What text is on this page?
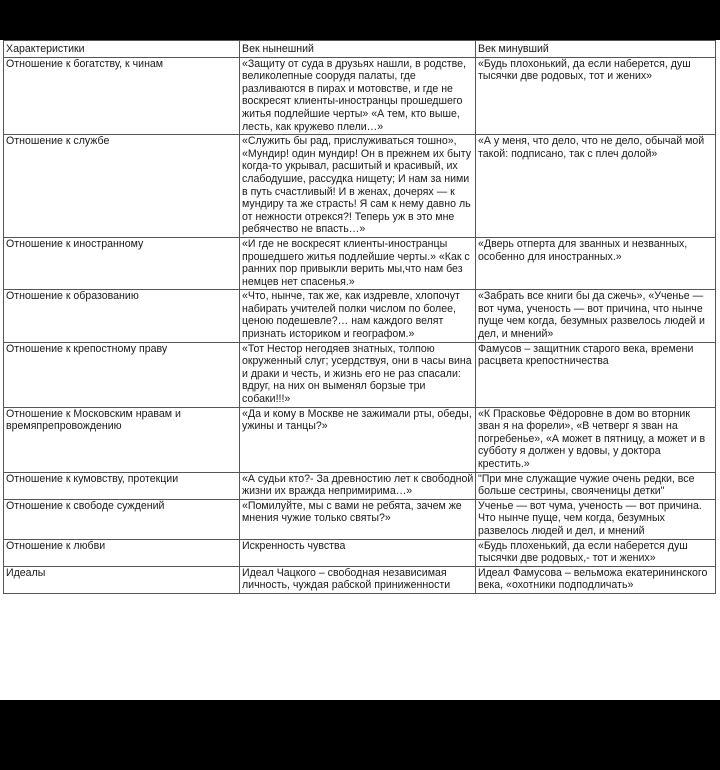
Характеристики	Век нынешний	Век минувший
Отношение к богатству, к чинам	«Защиту от суда в друзьях нашли, в родстве, великолепные соорудя палаты, где разливаются в пирах и мотовстве, и где не воскресят клиенты-иностранцы прошедшего житья подлейшие черты» «А тем, кто выше, лесть, как кружево плели…»	«Будь плохонький, да если наберется, душ тысячки две родовых, тот и жених»
Отношение к службе	«Служить бы рад, прислуживаться тошно», «Мундир! один мундир! Он в прежнем их быту когда-то укрывал, расшитый и красивый, их слабодушие, рассудка нищету; И нам за ними в путь счастливый! И в женах, дочерях — к мундиру та же страсть! Я сам к нему давно ль от нежности отрекся?! Теперь уж в это мне ребячество не впасть…»	«А у меня, что дело, что не дело, обычай мой такой: подписано, так с плеч долой»
Отношение к иностранному	«И где не воскресят клиенты-иностранцы прошедшего житья подлейшие черты.» «Как с ранних пор привыкли верить мы,что нам без немцев нет спасенья.»	«Дверь отперта для званных и незванных, особенно для иностранных.»
Отношение к образованию	«Что, нынче, так же, как издревле, хлопочут набирать учителей полки числом по более, ценою подешевле?… нам каждого велят признать историком и географом.»	«Забрать все книги бы да сжечь», «Ученье — вот чума, ученость — вот причина, что нынче пуще чем когда, безумных развелось людей и дел, и мнений»
Отношение к крепостному праву	«Тот Нестор негодяев знатных, толпою окруженный слуг; усердствуя, они в часы вина и драки и честь, и жизнь его не раз спасали: вдруг, на них он выменял борзые три собаки!!!»	Фамусов – защитник старого века, времени расцвета крепостничества
Отношение к Московским нравам и времяпрепровождению	«Да и кому в Москве не зажимали рты, обеды, ужины и танцы?»	«К Прасковье Фёдоровне в дом во вторник зван я на форели», «В четверг я зван на погребенье», «А может в пятницу, а может и в субботу я должен у вдовы, у доктора крестить.»
Отношение к кумовству, протекции	«А судьи кто?- За древностию лет к свободной жизни их вражда непримирима…»	"При мне служащие чужие очень редки, все больше сестрины, свояченицы детки"
Отношение к свободе суждений	«Помилуйте, мы с вами не ребята, зачем же мнения чужие только святы?»	Ученье — вот чума, ученость — вот причина. Что нынче пуще, чем когда, безумных развелось людей и дел, и мнений
Отношение к любви	Искренность чувства	«Будь плохенький, да если наберется душ тысячки две родовых,- тот и жених»
Идеалы	Идеал Чацкого – свободная независимая личность, чуждая рабской приниженности	Идеал Фамусова – вельможа екатерининского века, «охотники подподличать»
